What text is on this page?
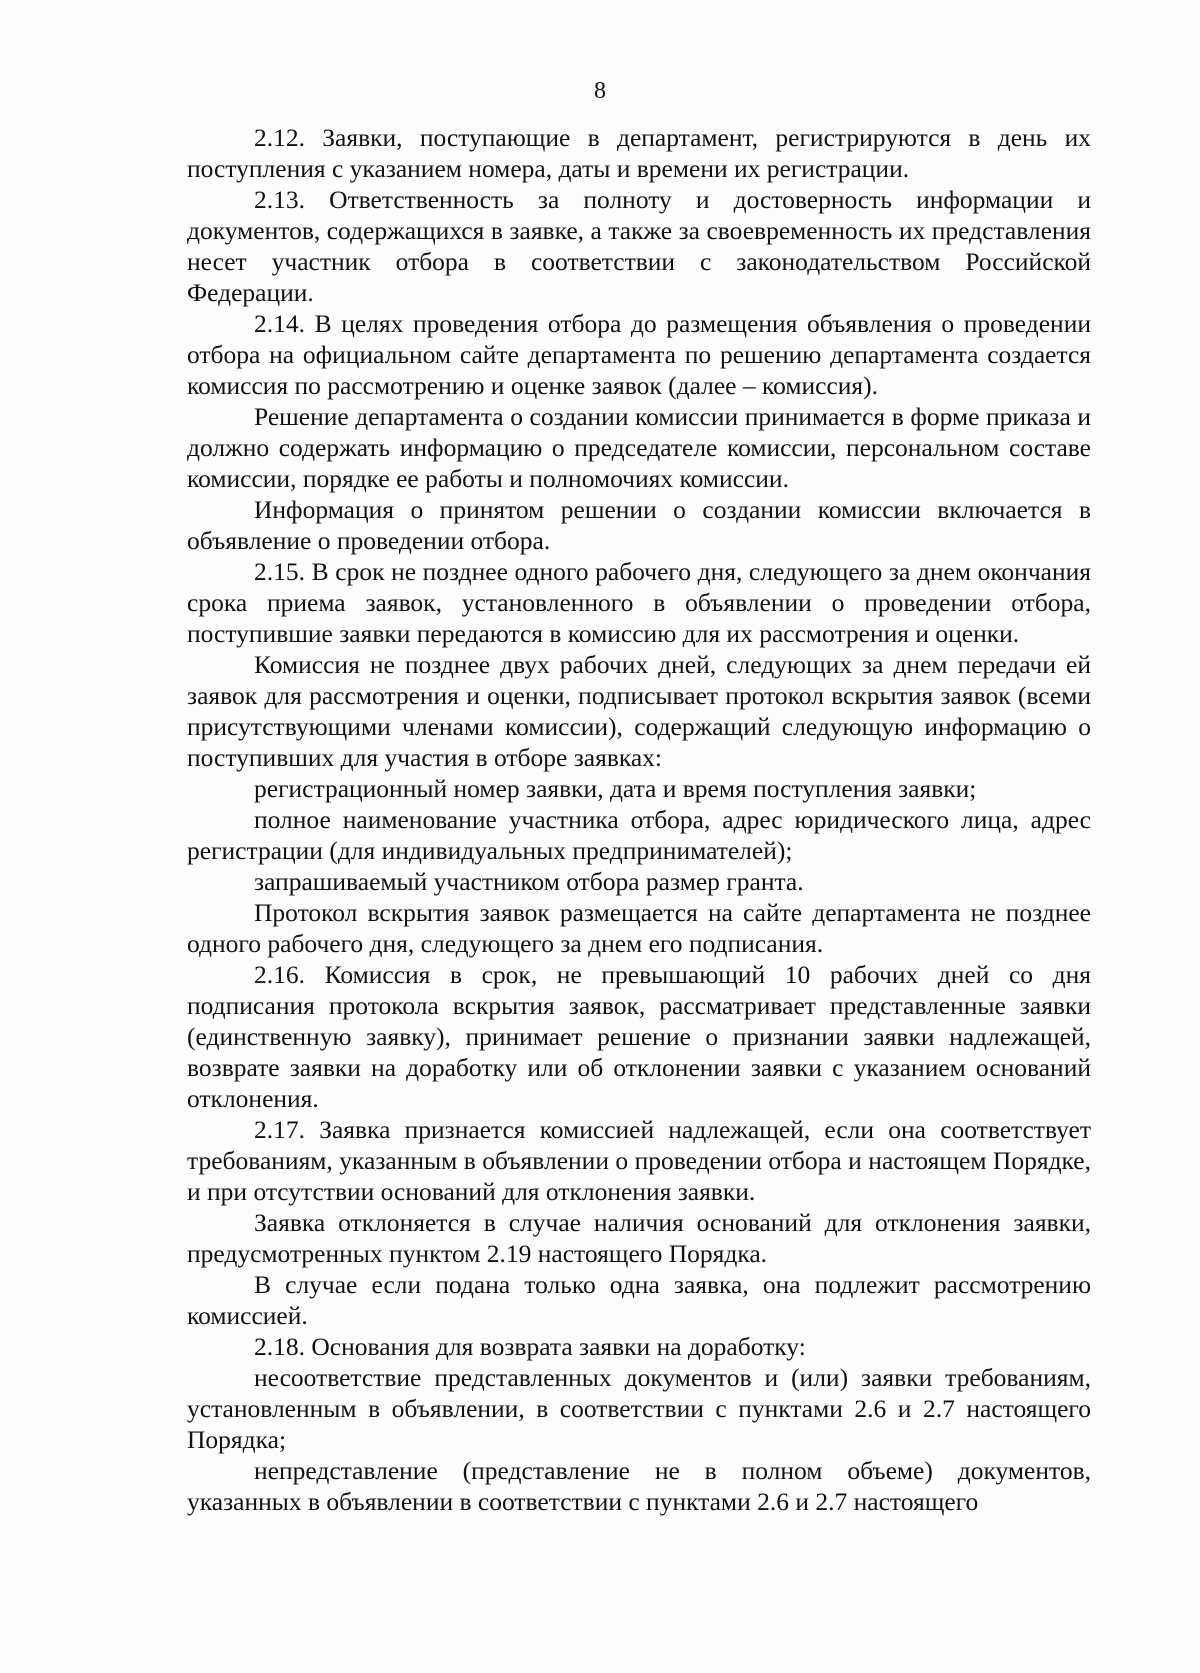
8

2.12. Заявки, поступающие в департамент, регистрируются в день их поступления с указанием номера, даты и времени их регистрации.

2.13. Ответственность за полноту и достоверность информации и документов, содержащихся в заявке, а также за своевременность их представления несет участник отбора в соответствии с законодательством Российской Федерации.

2.14. В целях проведения отбора до размещения объявления о проведении отбора на официальном сайте департамента по решению департамента создается комиссия по рассмотрению и оценке заявок (далее – комиссия).

Решение департамента о создании комиссии принимается в форме приказа и должно содержать информацию о председателе комиссии, персональном составе комиссии, порядке ее работы и полномочиях комиссии.

Информация о принятом решении о создании комиссии включается в объявление о проведении отбора.

2.15. В срок не позднее одного рабочего дня, следующего за днем окончания срока приема заявок, установленного в объявлении о проведении отбора, поступившие заявки передаются в комиссию для их рассмотрения и оценки.

Комиссия не позднее двух рабочих дней, следующих за днем передачи ей заявок для рассмотрения и оценки, подписывает протокол вскрытия заявок (всеми присутствующими членами комиссии), содержащий следующую информацию о поступивших для участия в отборе заявках:

регистрационный номер заявки, дата и время поступления заявки;

полное наименование участника отбора, адрес юридического лица, адрес регистрации (для индивидуальных предпринимателей);

запрашиваемый участником отбора размер гранта.

Протокол вскрытия заявок размещается на сайте департамента не позднее одного рабочего дня, следующего за днем его подписания.

2.16. Комиссия в срок, не превышающий 10 рабочих дней со дня подписания протокола вскрытия заявок, рассматривает представленные заявки (единственную заявку), принимает решение о признании заявки надлежащей, возврате заявки на доработку или об отклонении заявки с указанием оснований отклонения.

2.17. Заявка признается комиссией надлежащей, если она соответствует требованиям, указанным в объявлении о проведении отбора и настоящем Порядке, и при отсутствии оснований для отклонения заявки.

Заявка отклоняется в случае наличия оснований для отклонения заявки, предусмотренных пунктом 2.19 настоящего Порядка.

В случае если подана только одна заявка, она подлежит рассмотрению комиссией.

2.18. Основания для возврата заявки на доработку:

несоответствие представленных документов и (или) заявки требованиям, установленным в объявлении, в соответствии с пунктами 2.6 и 2.7 настоящего Порядка;

непредставление (представление не в полном объеме) документов, указанных в объявлении в соответствии с пунктами 2.6 и 2.7 настоящего
